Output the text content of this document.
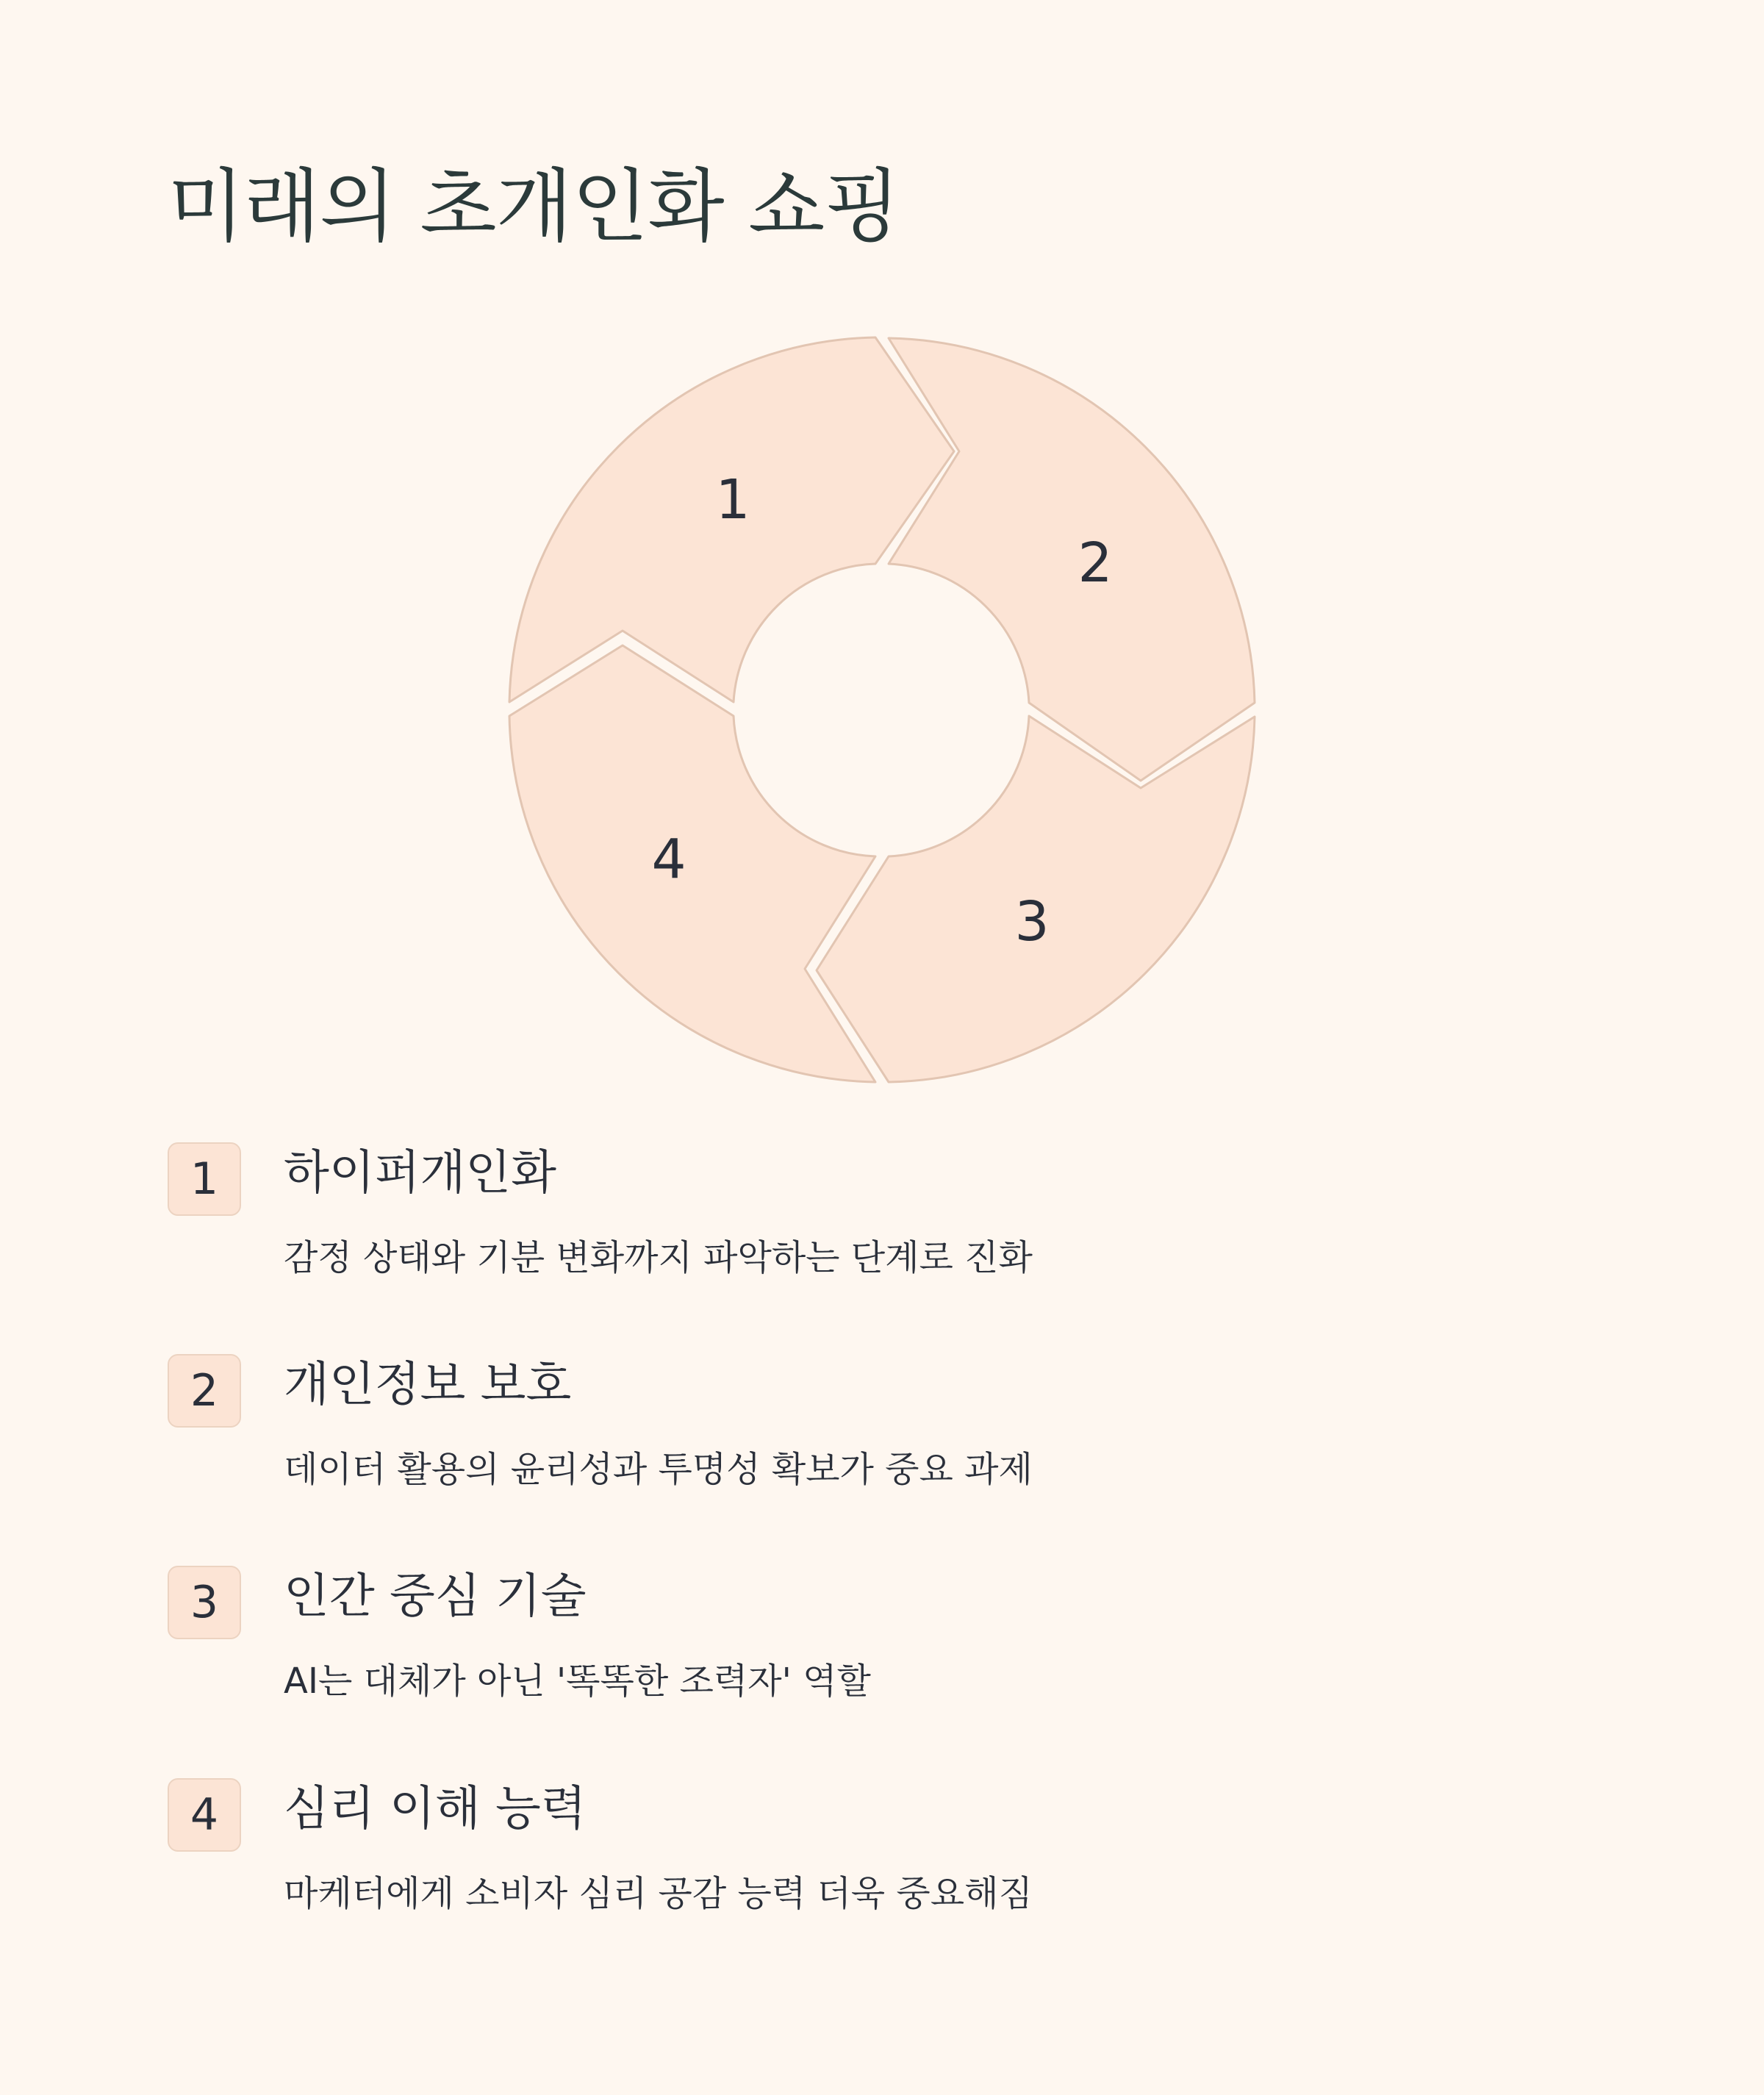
미래의 초개인화 쇼핑
1
2
3
4
1	하이퍼개인화

감정 상태와 기분 변화까지 파악하는 단계로 진화

2	개인정보 보호

데이터 활용의 윤리성과 투명성 확보가 중요 과제

3	인간 중심 기술

AI는 대체가 아닌 '똑똑한 조력자' 역할

4	심리 이해 능력

마케터에게 소비자 심리 공감 능력 더욱 중요해짐
